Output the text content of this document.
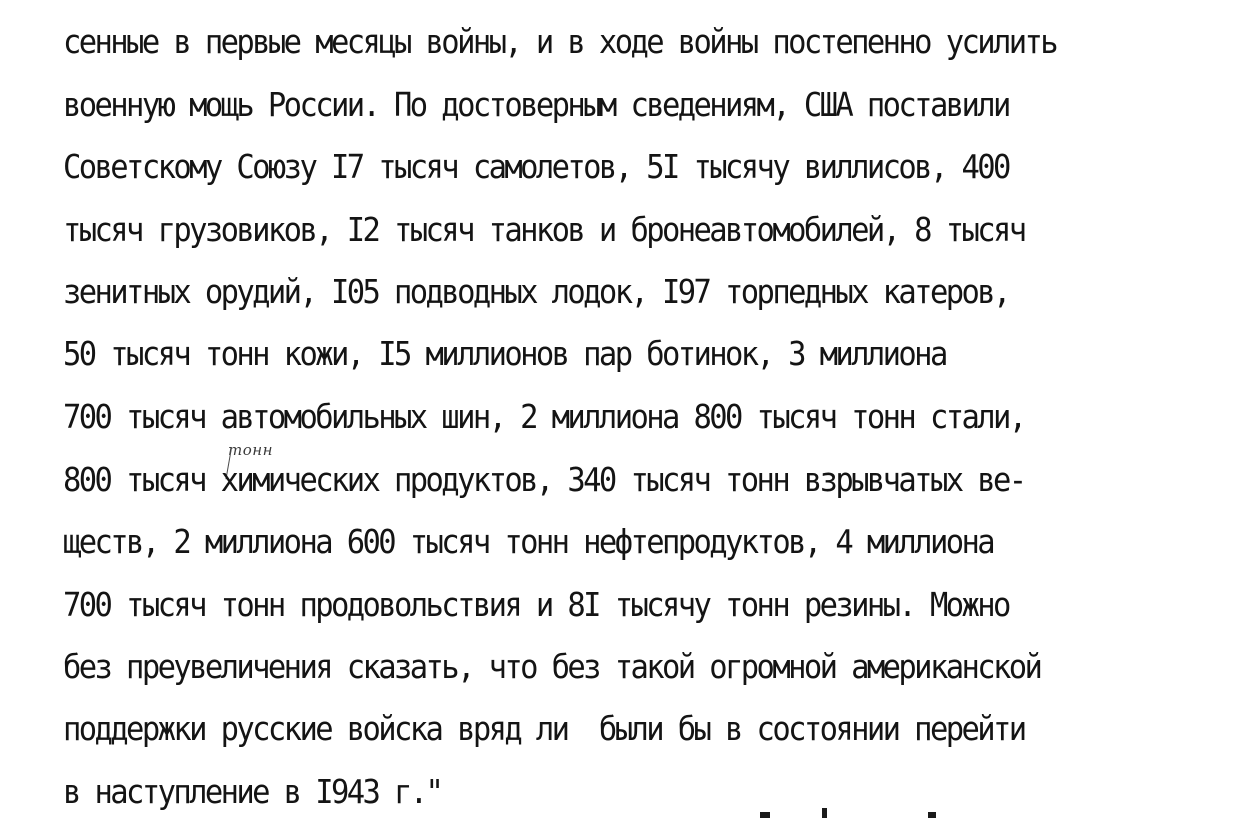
сенные в первые месяцы войны, и в ходе войны постепенно усилить
военную мощь России. По достоверным сведениям, США поставили
Советскому Союзу I7 тысяч самолетов, 5I тысячу виллисов, 400
тысяч грузовиков, I2 тысяч танков и бронеавтомобилей, 8 тысяч
зенитных орудий, I05 подводных лодок, I97 торпедных катеров,
50 тысяч тонн кожи, I5 миллионов пар ботинок, 3 миллиона
700 тысяч автомобильных шин, 2 миллиона 800 тысяч тонн стали,
тонн
800 тысяч химических продуктов, 340 тысяч тонн взрывчатых ве-
ществ, 2 миллиона 600 тысяч тонн нефтепродуктов, 4 миллиона
700 тысяч тонн продовольствия и 8I тысячу тонн резины. Можно
без преувеличения сказать, что без такой огромной американской
поддержки русские войска вряд ли  были бы в состоянии перейти
в наступление в I943 г."
